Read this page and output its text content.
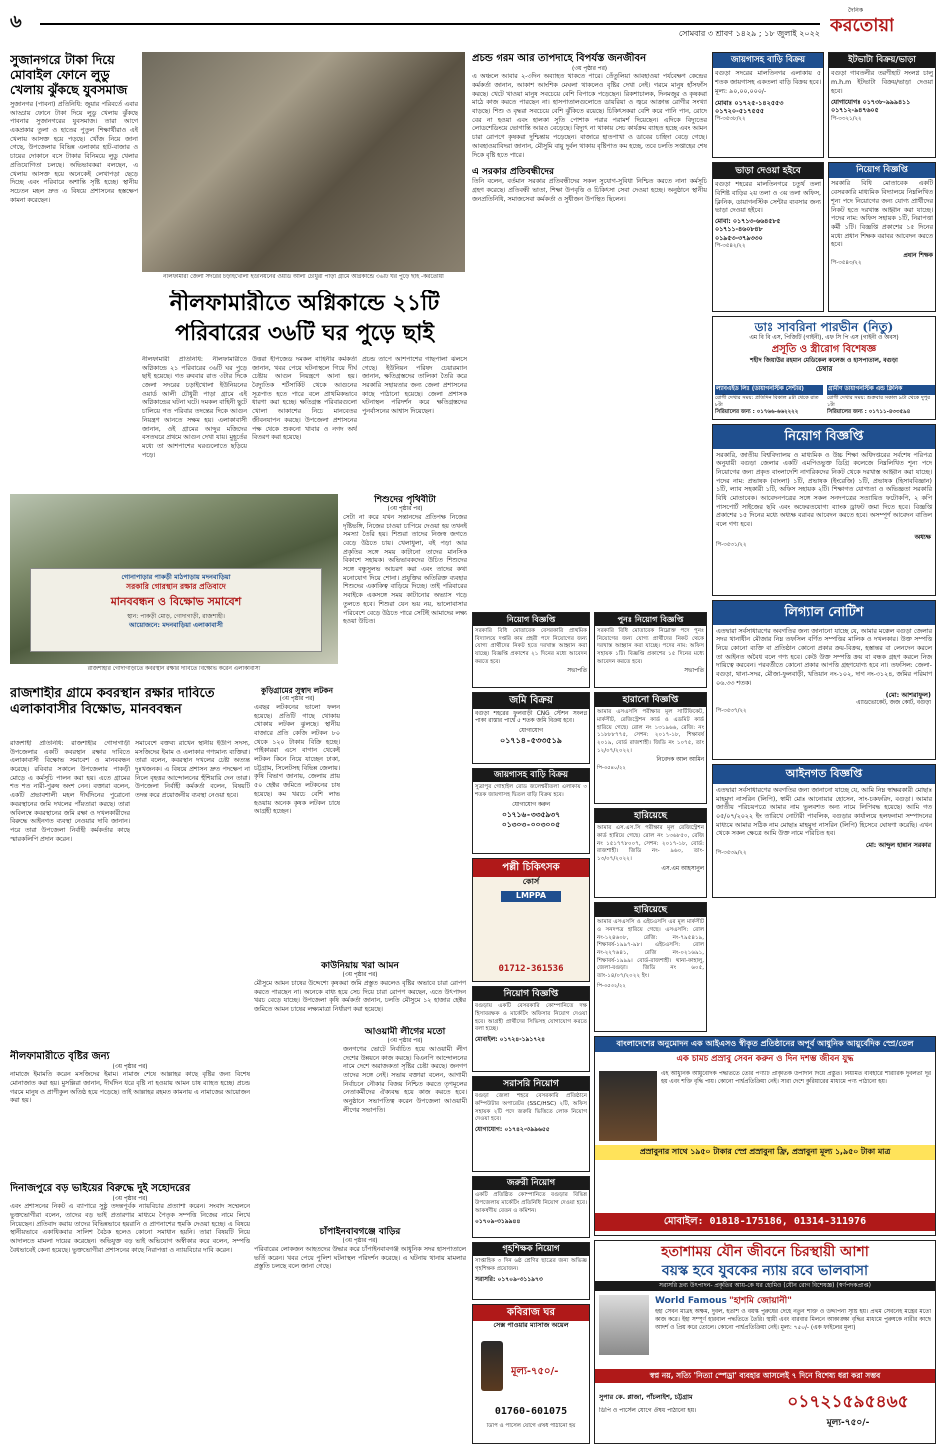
৬
সোমবার ৩ শ্রাবণ ১৪২৯ ; ১৮ জুলাই ২০২২
দৈনিক
করতোয়া
সুজানগরে টাকা দিয়ে মোবাইল ফোনে লুডু খেলায় ঝুঁকছে যুবসমাজ
সুজানগর (পাবনা) প্রতিনিধি: জুয়ার পরিবর্তে এবার আড্ডায় ফোনে টাকা দিয়ে লুডু খেলায় ঝুঁকছে পাবনার সুজানগরের যুবসমাজ। তারা আগে একপ্রকার তুলা ও হাতের পুতুল শিক্ষার্থীরাও এই খেলায় আসক্ত হয়ে পড়ছে। খোঁজ নিয়ে জানা গেছে, উপজেলার বিভিন্ন এলাকার হাট-বাজার ও চায়ের দোকানে বসে টাকার বিনিময়ে লুডু খেলার প্রতিযোগিতা চলছে। অভিভাবকরা বলছেন, এ খেলায় আসক্ত হয়ে অনেকেই লেখাপড়া ছেড়ে দিচ্ছে এবং পরিবারে অশান্তি সৃষ্টি হচ্ছে। স্থানীয় সচেতন মহল দ্রুত এ বিষয়ে প্রশাসনের হস্তক্ষেপ কামনা করেছেন।
নীলফামারী জেলা সদরের চড়াইখোলা ইউনিয়নের ওয়ার্ড আলী চৌধুরী পাড়া গ্রামে অগ্নিকান্ডে ৩৬টি ঘর পুড়ে ছাই -করতোয়া
নীলফামারীতে অগ্নিকান্ডে ২১টি
পরিবারের ৩৬টি ঘর পুড়ে ছাই
নীলফামারী প্রতিনিধি: নীলফামারীতে অগ্নিকান্ডে ২১ পরিবারের ৩৬টি ঘর পুড়ে ছাই হয়েছে। গত রুববার রাত ৩টার দিকে জেলা সদরের চড়াইখোলা ইউনিয়নের ওয়ার্ড আলী চৌধুরী পাড়া গ্রামে এই অগ্নিকান্ডের ঘটনা ঘটে। দমকল বাহিনী ছুটে চালিয়ে গত পরিবার তদন্তের দিকে আগুন নিয়ন্ত্রণ আনতে সক্ষম হয়। এলাকাবাসী জানান, ওই গ্রামের আব্দুর মজিদের বসতঘরে প্রথমে আগুন দেখা যায়। মুহূর্তের মধ্যে তা আশপাশের ঘরগুলোতে ছড়িয়ে পড়ে।
উত্তরা ইপিজেড দমকল বাহিনীর কর্মকর্তা জানান, খবর পেয়ে ঘটনাস্থলে গিয়ে দীর্ঘ চেষ্টায় আগুন নিয়ন্ত্রণে আনা হয়। বৈদ্যুতিক শর্টসার্কিট থেকে আগুনের সূত্রপাত হতে পারে বলে প্রাথমিকভাবে ধারণা করা হচ্ছে। ক্ষতিগ্রস্ত পরিবারগুলো খোলা আকাশের নিচে মানবেতর জীবনযাপন করছে। উপজেলা প্রশাসনের পক্ষ থেকে শুকনো খাবার ও নগদ অর্থ বিতরণ করা হয়েছে।
প্রচন্ড তাপে আশপাশের গাছপালা ঝলসে গেছে। ইউনিয়ন পরিষদ চেয়ারম্যান জানান, ক্ষতিগ্রস্তদের তালিকা তৈরি করে সরকারি সহায়তার জন্য জেলা প্রশাসনের কাছে পাঠানো হয়েছে। জেলা প্রশাসক ঘটনাস্থল পরিদর্শন করে ক্ষতিগ্রস্তদের পুনর্বাসনের আশ্বাস দিয়েছেন।
প্রচন্ড গরম আর তাপদাহে বিপর্যস্ত জনজীবন
(৩য় পৃষ্ঠার পর)
এ অঞ্চলে আবার ২-৩দিন অব্যাহত থাকতে পারে। তেঁতুলিয়া আবহাওয়া পর্যবেক্ষণ কেন্দ্রের কর্মকর্তা জানান, আকাশ আংশিক মেঘলা থাকলেও বৃষ্টির দেখা নেই। গরমে মানুষ হাঁসফাঁস করছে। খেটে খাওয়া মানুষ সবচেয়ে বেশি বিপাকে পড়েছেন। রিকশাচালক, দিনমজুর ও কৃষকরা মাঠে কাজ করতে পারছেন না। হাসপাতালগুলোতে ডায়রিয়া ও জ্বরে আক্রান্ত রোগীর সংখ্যা বাড়ছে। শিশু ও বৃদ্ধরা সবচেয়ে বেশি ঝুঁকিতে রয়েছে। চিকিৎসকরা বেশি করে পানি পান, রোদে বের না হওয়া এবং হালকা সুতি পোশাক পরার পরামর্শ দিয়েছেন। এদিকে বিদ্যুতের লোডশেডিংয়ে ভোগান্তি আরও বেড়েছে। বিদ্যুৎ না থাকায় সেচ কার্যক্রম ব্যাহত হচ্ছে এবং আমন চারা রোপণে কৃষকরা দুশ্চিন্তায় পড়েছেন। বাজারে হাতপাখা ও ডাবের চাহিদা বেড়ে গেছে। আবহাওয়াবিদরা জানান, মৌসুমি বায়ু দুর্বল থাকায় বৃষ্টিপাত কম হচ্ছে, তবে চলতি সপ্তাহের শেষ দিকে বৃষ্টি হতে পারে।
এ সরকার প্রতিবন্ধীদের
তিনি বলেন, বর্তমান সরকার প্রতিবন্ধীদের সকল সুযোগ-সুবিধা নিশ্চিত করতে নানা কর্মসূচি গ্রহণ করেছে। প্রতিবন্ধী ভাতা, শিক্ষা উপবৃত্তি ও চিকিৎসা সেবা দেওয়া হচ্ছে। অনুষ্ঠানে স্থানীয় জনপ্রতিনিধি, সমাজসেবা কর্মকর্তা ও সুধীজন উপস্থিত ছিলেন।
গোনাপাড়ার পাকড়ী মাঠপাড়ায় মদনবাড়িয়া
সরকারি গোরস্থান রক্ষার প্রতিবাদে
মানববন্ধন ও বিক্ষোভ সমাবেশ
স্থান: পাকড়ী মোড়, গোদাগাড়ী, রাজশাহী।
আয়োজনে: মদনবাড়িয়া এলাকাবাসী
রাজশাহীর গোদাগাড়ীতে কবরস্থান রক্ষার দাবিতে বিক্ষোভ করেন এলাকাবাসী
রাজশাহীর গ্রামে কবরস্থান রক্ষার দাবিতে এলাকাবাসীর বিক্ষোভ, মানববন্ধন
রাজশাহী প্রতিনিধি: রাজশাহীর গোদাগাড়ী উপজেলার একটি কবরস্থান রক্ষার দাবিতে এলাকাবাসী বিক্ষোভ সমাবেশ ও মানববন্ধন করেছে। রবিবার সকালে উপজেলার পাকড়ী মোড়ে এ কর্মসূচি পালন করা হয়। এতে গ্রামের শত শত নারী-পুরুষ অংশ নেন। বক্তারা বলেন, একটি প্রভাবশালী মহল দীর্ঘদিনের পুরোনো কবরস্থানের জমি দখলের পাঁয়তারা করছে। তারা অবিলম্বে কবরস্থানের জমি রক্ষা ও দখলকারীদের বিরুদ্ধে আইনগত ব্যবস্থা নেওয়ার দাবি জানান। পরে তারা উপজেলা নির্বাহী কর্মকর্তার কাছে স্মারকলিপি প্রদান করেন।
সমাবেশে বক্তব্য রাখেন স্থানীয় ইউপি সদস্য, মসজিদের ইমাম ও এলাকার গণ্যমান্য ব্যক্তিরা। তারা বলেন, কবরস্থান দখলের চেষ্টা অত্যন্ত দুঃখজনক। এ বিষয়ে প্রশাসন দ্রুত পদক্ষেপ না নিলে বৃহত্তর আন্দোলনের হুঁশিয়ারি দেন তারা। উপজেলা নির্বাহী কর্মকর্তা বলেন, বিষয়টি তদন্ত করে প্রয়োজনীয় ব্যবস্থা নেওয়া হবে।
শিশুদের পৃথিবীটা
(৩য় পৃষ্ঠার পর)
সেটা না করে যখন সন্তানদের প্রতিপক্ষ নিজের দৃষ্টিভঙ্গি, নিজের চাওয়া চাপিয়ে দেওয়া হয় তখনই সমস্যা তৈরি হয়। শিশুরা তাদের নিজস্ব জগতে বেড়ে উঠতে চায়। খেলাধুলা, বই পড়া আর প্রকৃতির সঙ্গে সময় কাটানো তাদের মানসিক বিকাশে সহায়ক। অভিভাবকদের উচিত শিশুদের সঙ্গে বন্ধুসুলভ আচরণ করা এবং তাদের কথা মনোযোগ দিয়ে শোনা। প্রযুক্তির অতিরিক্ত ব্যবহার শিশুদের একাকিত্ব বাড়িয়ে দিচ্ছে। তাই পরিবারের সবাইকে একসঙ্গে সময় কাটানোর অভ্যাস গড়ে তুলতে হবে। শিশুরা যেন ভয় নয়, ভালোবাসার পরিবেশে বেড়ে উঠতে পারে সেটিই আমাদের লক্ষ্য হওয়া উচিত।
কুড়িগ্রামের সুস্বাদ লটকন
(৩য় পৃষ্ঠার পর)
এবছর লটকনের ভালো ফলন হয়েছে। প্রতিটি গাছে থোকায় থোকায় লটকন ঝুলছে। স্থানীয় বাজারে প্রতি কেজি লটকন ৮০ থেকে ১২০ টাকায় বিক্রি হচ্ছে। পাইকাররা এসে বাগান থেকেই লটকন কিনে নিয়ে যাচ্ছেন ঢাকা, চট্টগ্রাম, সিলেটসহ বিভিন্ন জেলায়। কৃষি বিভাগ জানায়, জেলায় প্রায় ৫০ হেক্টর জমিতে লটকনের চাষ হয়েছে। কম খরচে বেশি লাভ হওয়ায় অনেক কৃষক লটকন চাষে আগ্রহী হচ্ছেন।
কাউনিয়ায় খরা আমন
(৩য় পৃষ্ঠার পর)
মৌসুমে আমন চাষের উদ্দেশ্যে কৃষকরা জমি প্রস্তুত করলেও বৃষ্টির অভাবে চারা রোপণ করতে পারছেন না। অনেকে বাধ্য হয়ে সেচ দিয়ে চারা রোপণ করছেন, এতে উৎপাদন খরচ বেড়ে যাচ্ছে। উপজেলা কৃষি কর্মকর্তা জানান, চলতি মৌসুমে ১২ হাজার হেক্টর জমিতে আমন চাষের লক্ষ্যমাত্রা নির্ধারণ করা হয়েছে।
আওয়ামী লীগের মতো
(৩য় পৃষ্ঠার পর)
জনগণের ভোটে নির্বাচিত হয়ে আওয়ামী লীগ দেশের উন্নয়নে কাজ করছে। বিএনপি আন্দোলনের নামে দেশে অরাজকতা সৃষ্টির চেষ্টা করছে। জনগণ তাদের সঙ্গে নেই। সভায় বক্তারা বলেন, আগামী নির্বাচনে নৌকার বিজয় নিশ্চিত করতে তৃণমূলের নেতাকর্মীদের ঐক্যবদ্ধ হয়ে কাজ করতে হবে। অনুষ্ঠানে সভাপতিত্ব করেন উপজেলা আওয়ামী লীগের সভাপতি।
চাঁপাইনবাবগঞ্জে বাড়ির
(৩য় পৃষ্ঠার পর)
পরিবারের লোকজন আহতদের উদ্ধার করে চাঁপাইনবাবগঞ্জ আধুনিক সদর হাসপাতালে ভর্তি করেন। খবর পেয়ে পুলিশ ঘটনাস্থল পরিদর্শন করেছে। এ ঘটনায় থানায় মামলার প্রস্তুতি চলছে বলে জানা গেছে।
নীলফামারীতে বৃষ্টির জন্য
(৩য় পৃষ্ঠার পর)
নামাজে ইমামতি করেন মসজিদের ইমাম। নামাজ শেষে আল্লাহর কাছে বৃষ্টির জন্য বিশেষ মোনাজাত করা হয়। মুসল্লিরা জানান, দীর্ঘদিন ধরে বৃষ্টি না হওয়ায় আমন চাষ ব্যাহত হচ্ছে। প্রচন্ড গরমে মানুষ ও প্রাণীকুল অতিষ্ঠ হয়ে পড়েছে। তাই আল্লাহর রহমত কামনায় এ নামাজের আয়োজন করা হয়।
দিনাজপুরে বড় ভাইয়ের বিরুদ্ধে দুই সহোদরের
(৩য় পৃষ্ঠার পর)
এবং প্রশাসনের নিকট এ ব্যাপারে সুষ্ঠু তদন্তপূর্বক ন্যায়বিচার প্রত্যাশা করেন। সংবাদ সম্মেলনে ভুক্তভোগীরা বলেন, তাদের বড় ভাই প্রতারণার মাধ্যমে পৈতৃক সম্পত্তি নিজের নামে লিখে নিয়েছেন। প্রতিবাদ করায় তাদের বিভিন্নভাবে হয়রানি ও প্রাণনাশের হুমকি দেওয়া হচ্ছে। এ বিষয়ে স্থানীয়ভাবে একাধিকবার সালিশ বৈঠক হলেও কোনো সমাধান হয়নি। তারা বিষয়টি নিয়ে আদালতে মামলা দায়ের করেছেন। অভিযুক্ত বড় ভাই অভিযোগ অস্বীকার করে বলেন, সম্পত্তি বৈধভাবেই কেনা হয়েছে। ভুক্তভোগীরা প্রশাসনের কাছে নিরাপত্তা ও ন্যায়বিচার দাবি করেন।
জায়গাসহ বাড়ি বিক্রয়
বগুড়া সদরের মালতিনগর এলাকায় ৫ শতক জায়গাসহ একতলা বাড়ি বিক্রয় হবে। মূল্য: ৯০,০০,০০০/-
মোবাঃ ০১৭২৫-১৪২৫৫৩
০১৭২০-৫১৭৫৫৫
পি-৩৫৩৮/২২
ইটভাটা বিক্রয়/ভাড়া
বগুড়া গাবতলীর তরণীহাট সংলগ্ন চালু m.h.m ইটভাটা বিক্রয়/ভাড়া দেওয়া হবে।
যোগাযোগঃ ০১৭৩৮-৯৯৯৪১১
০১৭১২-৯৪৭৬০৫
পি-৩৩২১/২২
ভাড়া দেওয়া হইবে
বগুড়া শহরের মালতিনগরে চতুর্থ তলা বিশিষ্ট বাড়ির ২য় তলা ও ৩য় তলা অফিস, ক্লিনিক, ডায়াগনস্টিক সেন্টার ব্যবসার জন্য ভাড়া দেওয়া হইবে।
মোবা: ০১৭১৩-৬৬৪৫৮৫
০১৭১১-৪৬০৮৪৮
০১৯৫৩-৩৭৯৩৩০
পি-৩৫৪২/২২
নিয়োগ বিজ্ঞপ্তি
সরকারি বিধি মোতাবেক একটি বেসরকারি মাধ্যমিক বিদ্যালয়ে নিম্নলিখিত শূন্য পদে নিয়োগের জন্য যোগ্য প্রার্থীদের নিকট হতে দরখাস্ত আহ্বান করা যাচ্ছে। পদের নাম: অফিস সহায়ক ১টি, নিরাপত্তা কর্মী ১টি। বিজ্ঞপ্তি প্রকাশের ১৫ দিনের মধ্যে প্রধান শিক্ষক বরাবর আবেদন করতে হবে।
প্রধান শিক্ষক
পি-৩৫৪৩/২২
ডাঃ সাবরিনা পারভীন (নিতু)
এম বি বি এস, পিজিটি (গাইনী), এফ সি পি এস (গাইনী ও অবস)
প্রসূতি ও স্ত্রীরোগ বিশেষজ্ঞ
শহীদ জিয়াউর রহমান মেডিকেল কলেজ ও হাসপাতাল, বগুড়া
চেম্বার
ল্যাবএইড লিঃ (ডায়াগনস্টিক সেন্টার)
রোগী দেখার সময়: প্রতিদিন বিকাল ৪টা থেকে রাত ৮টা
সিরিয়ালের জন্য : ০১৭৬৬-৬৬২২২২
গ্রামীণ ডায়াগনস্টিক এন্ড ক্লিনিক
রোগী দেখার সময়: শুক্রবার সকাল ৯টা থেকে দুপুর ১টা
সিরিয়ালের জন্য : ০১৭১১-৪৩৩৫৯৪
নিয়োগ বিজ্ঞপ্তি
সরকারি, জাতীয় বিশ্ববিদ্যালয় ও মাধ্যমিক ও উচ্চ শিক্ষা অধিদপ্তরের সর্বশেষ পরিপত্র অনুযায়ী বগুড়া জেলার একটি এমপিওভুক্ত ডিগ্রি কলেজে নিম্নলিখিত শূন্য পদে নিয়োগের জন্য প্রকৃত বাংলাদেশি নাগরিকদের নিকট থেকে দরখাস্ত আহ্বান করা যাচ্ছে। পদের নাম: প্রভাষক (বাংলা) ১টি, প্রভাষক (ইংরেজি) ১টি, প্রভাষক (হিসাববিজ্ঞান) ১টি, ল্যাব সহকারী ১টি, অফিস সহায়ক ২টি। শিক্ষাগত যোগ্যতা ও অভিজ্ঞতা সরকারি বিধি মোতাবেক। আবেদনপত্রের সঙ্গে সকল সনদপত্রের সত্যায়িত ফটোকপি, ২ কপি পাসপোর্ট সাইজের ছবি এবং অফেরতযোগ্য ব্যাংক ড্রাফট জমা দিতে হবে। বিজ্ঞপ্তি প্রকাশের ১৫ দিনের মধ্যে অধ্যক্ষ বরাবর আবেদন করতে হবে। অসম্পূর্ণ আবেদন বাতিল বলে গণ্য হবে।
অধ্যক্ষ
পি-৩৫৩১/২২
লিগ্যাল নোটিশ
এতদ্বারা সর্বসাধারণের অবগতির জন্য জানানো যাচ্ছে যে, আমার মক্কেল বগুড়া জেলার সদর থানাধীন মৌজার নিম্ন তফসিল বর্ণিত সম্পত্তির মালিক ও দখলকার। উক্ত সম্পত্তি নিয়ে কোনো ব্যক্তি বা প্রতিষ্ঠান কোনো প্রকার ক্রয়-বিক্রয়, হস্তান্তর বা লেনদেন করলে তা আইনত অবৈধ বলে গণ্য হবে। কেউ উক্ত সম্পত্তি ক্রয় বা বন্ধক গ্রহণ করলে নিজ দায়িত্বে করবেন। পরবর্তীতে কোনো প্রকার আপত্তি গ্রহণযোগ্য হবে না। তফসিল: জেলা-বগুড়া, থানা-সদর, মৌজা-ফুলবাড়ী, খতিয়ান নং-১০২, দাগ নং-৩১২৪, জমির পরিমাণ ০৬.৩৩ শতক।
(মো: আশরাফুল)
এ্যাডভোকেট, জজ কোর্ট, বগুড়া
পি-৩৫৩৭/২২
আইনগত বিজ্ঞপ্তি
এতদ্বারা সর্বসাধারণের অবগতির জন্য জানানো যাচ্ছে যে, আমি নিম্ন স্বাক্ষরকারী মোছাঃ মাহমুদা নাসরিন (লিপি), স্বামী মোঃ আনোয়ার হোসেন, সাং-চকফরিদ, বগুড়া। আমার জাতীয় পরিচয়পত্রে আমার নাম ভুলবশত অন্য নামে লিপিবদ্ধ হয়েছে। আমি গত ০৫/০৭/২০২২ ইং তারিখে নোটারী পাবলিক, বগুড়ার কার্যালয়ে হলফনামা সম্পাদনের মাধ্যমে আমার সঠিক নাম মোছাঃ মাহমুদা নাসরিন (লিপি) হিসেবে ঘোষণা করেছি। এখন থেকে সকল ক্ষেত্রে আমি উক্ত নামে পরিচিত হব।
মো: আব্দুল হান্নান সরকার
পি-৩৫৩৯/২২
নিয়োগ বিজ্ঞপ্তি
সরকারি বিধি মোতাবেক বেসরকারি প্রাথমিক বিদ্যালয়ে দপ্তরি কাম প্রহরী পদে নিয়োগের জন্য যোগ্য প্রার্থীদের নিকট হতে দরখাস্ত আহ্বান করা যাচ্ছে। বিজ্ঞপ্তি প্রকাশের ২১ দিনের মধ্যে আবেদন করতে হবে।
সভাপতি
পুনঃ নিয়োগ বিজ্ঞপ্তি
সরকারি বিধি মোতাবেক নিম্নোক্ত পদে পুনঃ নিয়োগের জন্য যোগ্য প্রার্থীদের নিকট থেকে দরখাস্ত আহ্বান করা যাচ্ছে। পদের নাম: অফিস সহায়ক ১টি। বিজ্ঞপ্তি প্রকাশের ১৫ দিনের মধ্যে আবেদন করতে হবে।
সভাপতি
জমি বিক্রয়
বগুড়া শহরের ফুলবাড়ী CNG স্টেশন সংলগ্ন পাকা রাস্তার পার্শ্বে ৫ শতক জমি বিক্রয় হবে।
যোগাযোগ
০১৭১৪-৫৩৩৫১৯
হারানো বিজ্ঞপ্তি
আমার এসএসসি পরীক্ষার মূল সার্টিফিকেট, মার্কসীট, রেজিস্ট্রেশন কার্ড ও এডমিট কার্ড হারিয়ে গেছে। রোল নং ১৩১৯৬৬, রেজি: নং ১১৮৮৮৭৭৫, সেশন: ২০১৭-১৮, শিক্ষাবর্ষ ২০১৯, বোর্ড রাজশাহী। জিডি নং ১০৭৫, তাং ১২/০৭/২০২২।
নিবেদক আল আমিন
পি-৩৫৪০/২২
জায়গাসহ বাড়ি বিক্রয়
সুত্রাপুর গোহাইল রোড জলেশ্বরীতলা এলাকায় ৩ শতক জায়গাসহ দ্বিতল বাড়ি বিক্রয় হবে।
যোগাযোগ করুন
০১৭১৬-৩৩৫৯৩৭
০১৩০৩-০০৩০০৫
হারিয়েছে
আমার এস.এস.সি পরীক্ষার মূল রেজিস্ট্রেশন কার্ড হারিয়ে গেছে। রোল নং ১৩৬৮৫০, রেজি নং ১৫১৭৭৮০০৭, সেশন: ২০১৭-১৮, বোর্ড: রাজশাহী। জিডি নং- ৯৬০, তাং- ১৩/০৭/২০২২।
এস.এম আহসানুল
পল্লী চিকিৎসক
কোর্স
LMPPA
01712-361536
হারিয়েছে
আমার এসএসসি ও এইচএসসি এর মূল মার্কসীট ও সনদপত্র হারিয়ে গেছে। এসএসসি: রোল নং-১২৪৬০৮, রেজি: নং-৭৯৫৪১৯, শিক্ষাবর্ষ-১৯৯৭-৯৮। এইচএসসি: রোল নং-২২৭৬৪১, রেজি নং-০২১৬৯১, শিক্ষাবর্ষ-১৯৯৯। বোর্ড-রাজশাহী। থানা-কাহালু, জেলা-বগুড়া। জিডি নং ৬০৫, তাং-১৪/০৭/২০২২ ইং।
পি-৩৫৩২/২২
নিয়োগ বিজ্ঞপ্তি
বগুড়ায় একটি বেসরকারি কোম্পানিতে দক্ষ হিসাবরক্ষক ও মার্কেটিং অফিসার নিয়োগ দেওয়া হবে। আগ্রহী প্রার্থীদের সিভিসহ যোগাযোগ করতে বলা হচ্ছে।
মোবাইল: ০১৭২৪-১৯১৭২৪	বাংলাদেশের অনুমোদন এক আইএসও স্বীকৃত প্রতিষ্ঠানের অপূর্ব আধুনিক আয়ুর্বেদিক স্প্রে/তেল
এক চামচ প্রস্রাবু সেবন করুন ও দিন দশম্ভ জীবন যুদ্ধ
এই আধুনিক আয়ুর্বেদিক পদ্ধতিতে তৈরি পণ্যটি প্রাকৃতিক উপাদান দিয়ে প্রস্তুত। নিয়মিত ব্যবহারে শারীরিক দুর্বলতা দূর হয় এবং শক্তি বৃদ্ধি পায়। কোনো পার্শ্বপ্রতিক্রিয়া নেই। সারা দেশে কুরিয়ারের মাধ্যমে পণ্য পাঠানো হয়।
প্রস্রাবুনার সাথে ১৯৫০ টাকার স্প্রে প্রস্রাবুনা ফ্রি, প্রস্রাবুনা মূল্য ১,৯৫০ টাকা মাত্র
মোবাইল: 01818-175186, 01314-311976
সরাসরি নিয়োগ
বগুড়া জেলা শহরে বেসরকারি প্রতিষ্ঠানে কম্পিউটার অপারেটর (SSC/HSC) ২টি, অফিস সহায়ক ২টি পদে জরুরি ভিত্তিতে লোক নিয়োগ দেওয়া হবে।
যোগাযোগ: ০১৭৪২-৩৯৯৬৫৫
জরুরী নিয়োগ
একটি প্রতিষ্ঠিত কোম্পানিতে বগুড়ার বিভিন্ন উপজেলায় মার্কেটিং প্রতিনিধি নিয়োগ দেওয়া হবে। আকর্ষণীয় বেতন ও কমিশন।
০১৭০৯-৩১৯৯৪৪
গৃহশিক্ষক নিয়োগ
সাপ্তাহিক ৩ দিন ৬ষ্ঠ শ্রেণির ছাত্রের জন্য অভিজ্ঞ গৃহশিক্ষক প্রয়োজন।
সরাসরি: ০১৭০৯-৩১১৯৭৩
কবিরাজ ঘর
সেক্স পাওয়ার ম্যাসাজ অয়েল
মূল্য-৭৫০/-
01760-601075
ডিপি ও পার্সেল যোগে ঔষধ পাঠানো হয়
হতাশাময় যৌন জীবনে চিরস্থায়ী আশা
বয়স্ক হবে যুবকের ন্যায় রবে ভালবাসা
সরাসরি দ্রব্য উৎপাদন- প্রকৃতির আয়-কে ঘর হোমিও (যৌন রোগ বিশেষজ্ঞ) (স্বর্ণপদকপ্রাপ্ত)
World Famous "হাশমি জোয়ানী"
ইহা সেবন মাত্রই অক্ষম, দুর্বল, হতাশ ও বয়স্ক পুরুষের দেহে নতুন শক্তি ও উদ্দীপনা সৃষ্টি হয়। প্রথম সেবনেই মন্ত্রের মতো কাজ করে। ইহা সম্পূর্ণ হারবাল পদ্ধতিতে তৈরি। স্থায়ী এবং বারবার মিলনে আকাঙ্ক্ষা বৃদ্ধির মাধ্যমে পুরুষকে নারীর কাছে আদর্শ ও প্রিয় করে তোলে। কোনো পার্শ্বপ্রতিক্রিয়া নেই। মূল্য: ৭৫০/- (এক ফাইলের মূল্য)
স্বপ্ন নয়, সত্যি 'নিত্যা স্পেড্রা' ব্যবহার আসলেই ৭ দিনে বিশেষ্য ধরা করা সম্ভব
সুপার কে. প্লাজা, পাঁচলাইশ, চট্টগ্রাম
ডিপি ও পার্সেল যোগে ঔষধ পাঠানো হয়।	০১৭২১৫৯৫৪৬৫
মূল্য-৭৫০/-
